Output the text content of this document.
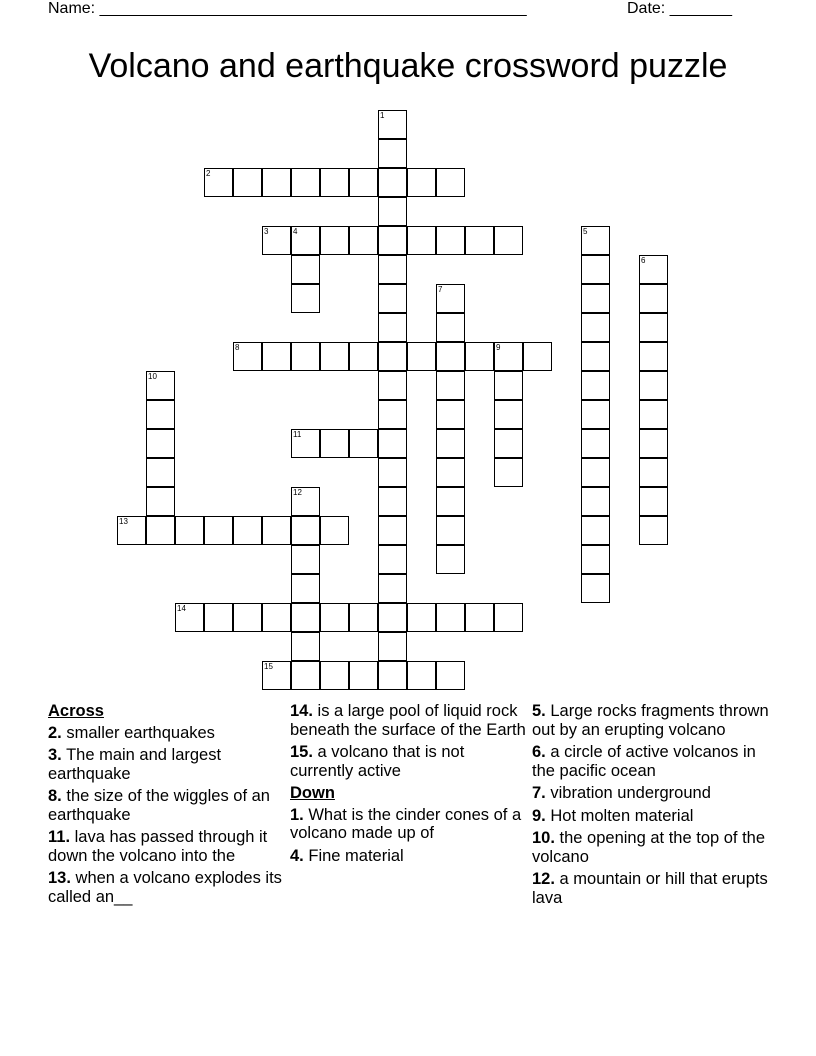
Name: ________________________________________________	Date: _______
Volcano and earthquake crossword puzzle
1
2
3	4	5
6
7
8	9
10
11
12
13
14
15
Across
2. smaller earthquakes
3. The main and largest earthquake
8. the size of the wiggles of an earthquake
11. lava has passed through it down the volcano into the
13. when a volcano explodes its called an__
14. is a large pool of liquid rock beneath the surface of the Earth
15. a volcano that is not currently active
Down
1. What is the cinder cones of a volcano made up of
4. Fine material
5. Large rocks fragments thrown out by an erupting volcano
6. a circle of active volcanos in the pacific ocean
7. vibration underground
9. Hot molten material
10. the opening at the top of the volcano
12. a mountain or hill that erupts lava
